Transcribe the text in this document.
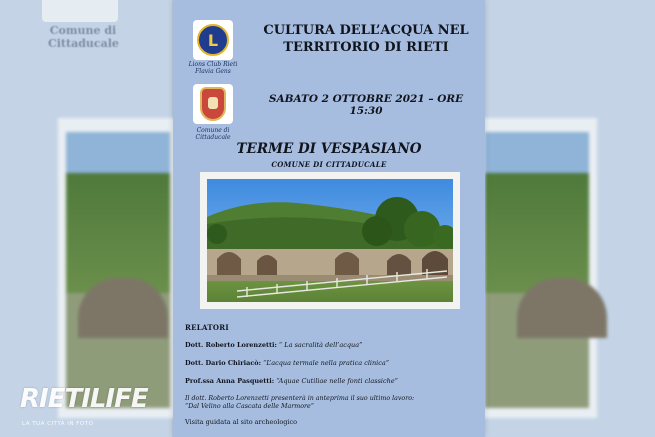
Comune di Cittaducale	L
Lions Club Rieti Flavia Gens
Comune di Cittaducale
CULTURA DELL’ACQUA NEL
TERRITORIO DI RIETI
SABATO 2 OTTOBRE 2021 – ORE 15:30
TERME DI VESPASIANO
COMUNE DI CITTADUCALE
RELATORI
Dott. Roberto Lorenzetti: “ La sacralità dell’acqua”
Dott. Dario Chiriacò: “L’acqua termale nella pratica clinica”
Prof.ssa Anna Pasquetti: “Aquae Cutiliae nelle fonti classiche”
Il dott. Roberto Lorenzetti presenterà in anteprima il suo ultimo lavoro:
“Dal Velino alla Cascata delle Marmore”
Visita guidata al sito archeologico
RIETILIFE
LA TUA CITTÀ IN FOTO
